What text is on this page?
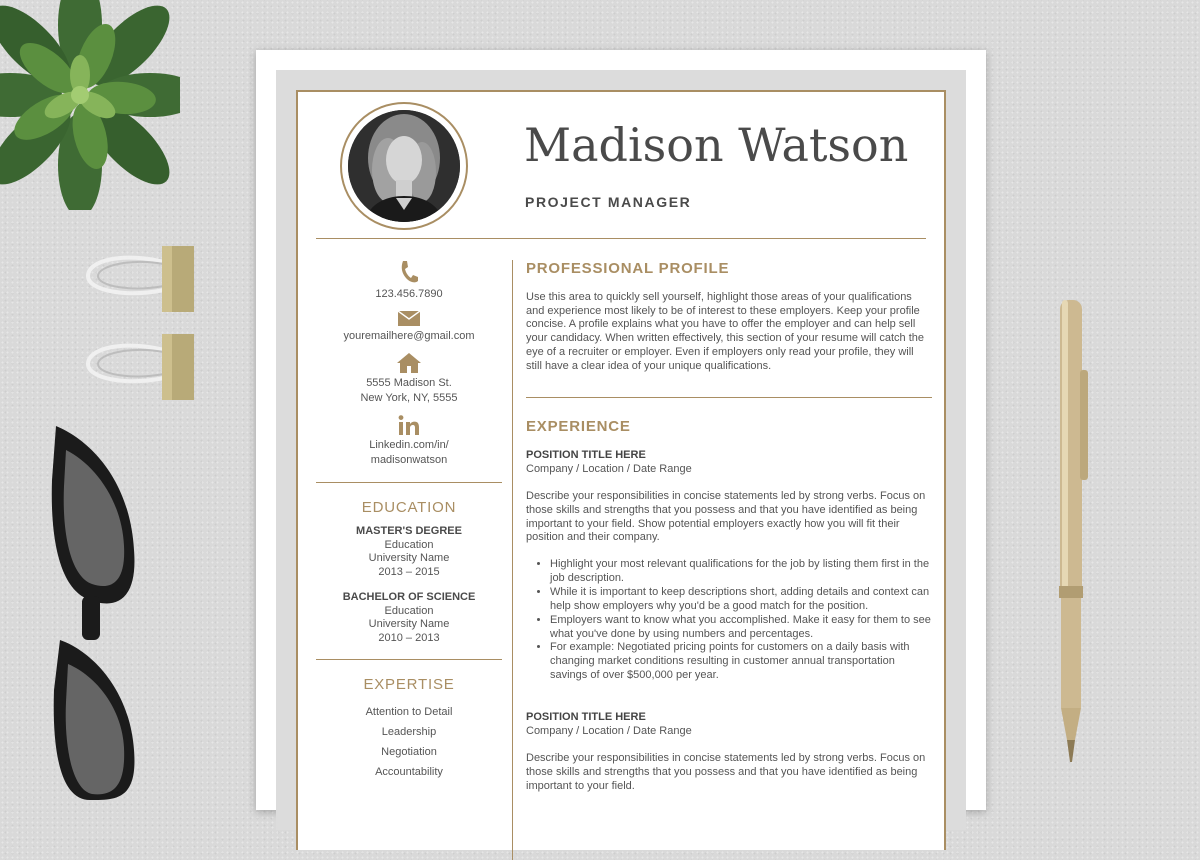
Madison Watson
PROJECT MANAGER
123.456.7890
youremailhere@gmail.com
5555 Madison St.
New York, NY, 5555
Linkedin.com/in/
madisonwatson
EDUCATION
MASTER'S DEGREE
Education
University Name
2013 – 2015
BACHELOR OF SCIENCE
Education
University Name
2010 – 2013
EXPERTISE
Attention to Detail
Leadership
Negotiation
Accountability
PROFESSIONAL PROFILE

Use this area to quickly sell yourself, highlight those areas of your qualifications and experience most likely to be of interest to these employers. Keep your profile concise. A profile explains what you have to offer the employer and can help sell your candidacy. When written effectively, this section of your resume will catch the eye of a recruiter or employer. Even if employers only read your profile, they will still have a clear idea of your unique qualifications.

EXPERIENCE
POSITION TITLE HERE
Company / Location / Date Range

Describe your responsibilities in concise statements led by strong verbs. Focus on those skills and strengths that you possess and that you have identified as being important to your field. Show potential employers exactly how you will fit their position and their company.

• Highlight your most relevant qualifications for the job by listing them first in the job description.
• While it is important to keep descriptions short, adding details and context can help show employers why you'd be a good match for the position.
• Employers want to know what you accomplished. Make it easy for them to see what you've done by using numbers and percentages.
• For example: Negotiated pricing points for customers on a daily basis with changing market conditions resulting in customer annual transportation savings of over $500,000 per year.
POSITION TITLE HERE
Company / Location / Date Range

Describe your responsibilities in concise statements led by strong verbs. Focus on those skills and strengths that you possess and that you have identified as being important to your field.
